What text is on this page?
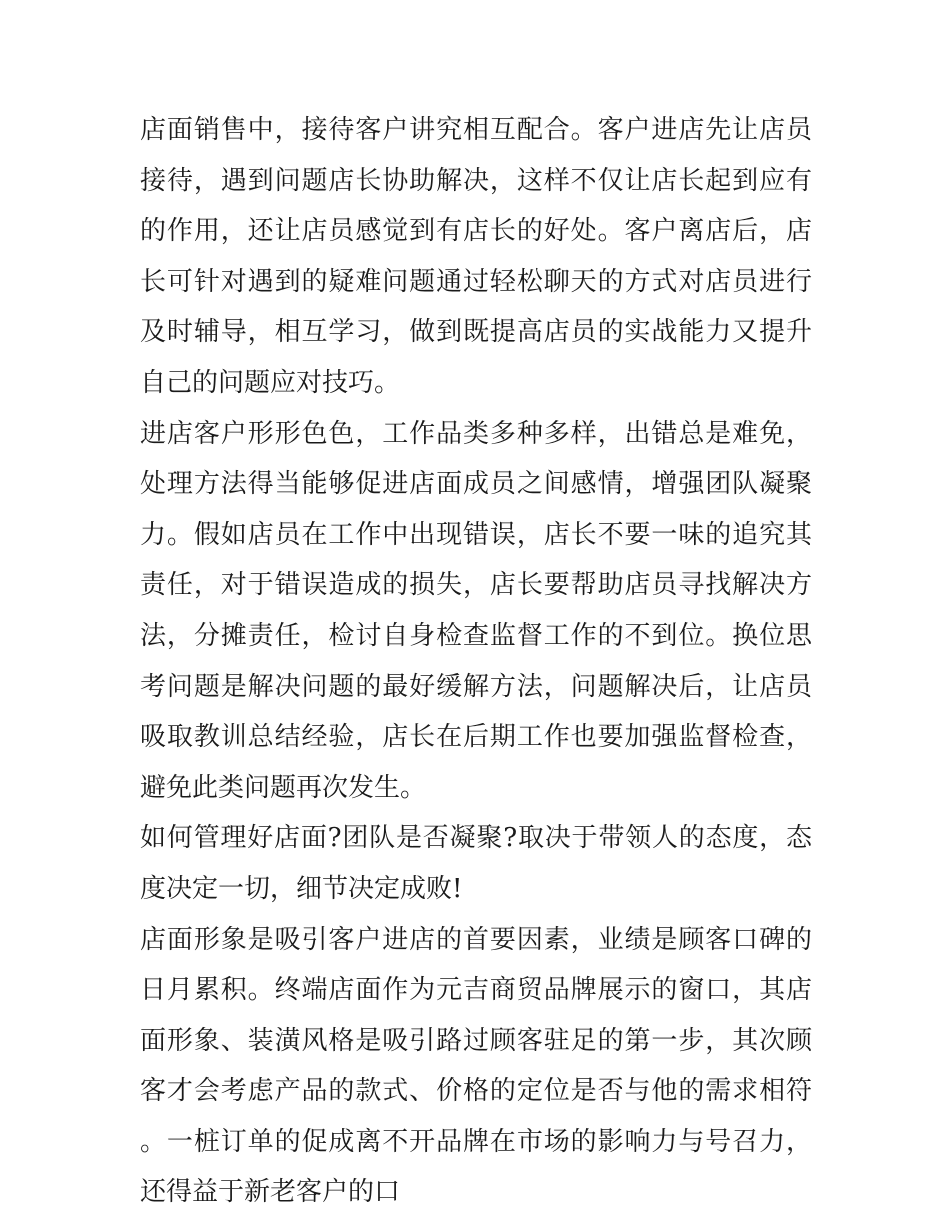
店面销售中，接待客户讲究相互配合。客户进店先让店员接待，遇到问题店长协助解决，这样不仅让店长起到应有的作用，还让店员感觉到有店长的好处。客户离店后，店长可针对遇到的疑难问题通过轻松聊天的方式对店员进行及时辅导，相互学习，做到既提高店员的实战能力又提升自己的问题应对技巧。

进店客户形形色色，工作品类多种多样，出错总是难免，处理方法得当能够促进店面成员之间感情，增强团队凝聚力。假如店员在工作中出现错误，店长不要一味的追究其责任，对于错误造成的损失，店长要帮助店员寻找解决方法，分摊责任，检讨自身检查监督工作的不到位。换位思考问题是解决问题的最好缓解方法，问题解决后，让店员吸取教训总结经验，店长在后期工作也要加强监督检查，避免此类问题再次发生。

如何管理好店面?团队是否凝聚?取决于带领人的态度，态度决定一切，细节决定成败!

店面形象是吸引客户进店的首要因素，业绩是顾客口碑的日月累积。终端店面作为元吉商贸品牌展示的窗口，其店面形象、装潢风格是吸引路过顾客驻足的第一步，其次顾客才会考虑产品的款式、价格的定位是否与他的需求相符。一桩订单的促成离不开品牌在市场的影响力与号召力，还得益于新老客户的口
